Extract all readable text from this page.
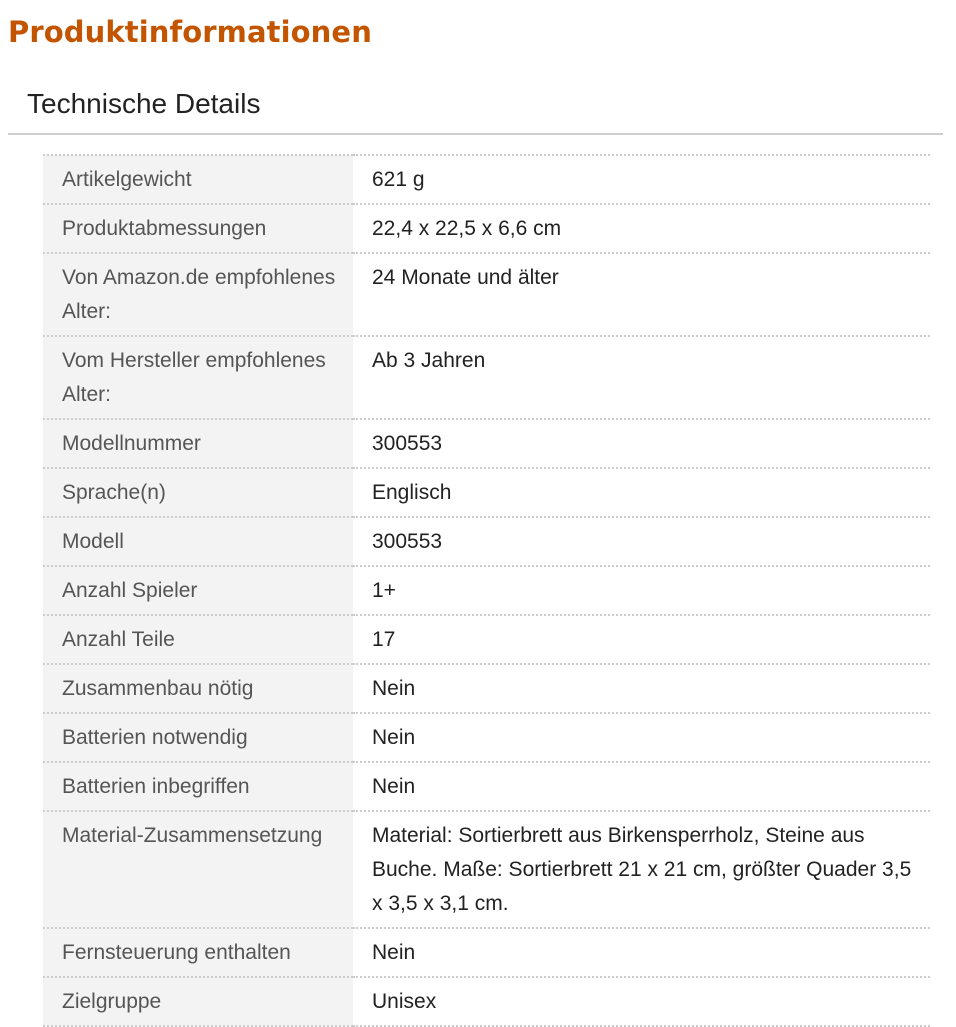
Produktinformationen
Technische Details
Artikelgewicht	621 g
Produktabmessungen	22,4 x 22,5 x 6,6 cm
Von Amazon.de empfohlenes Alter:	24 Monate und älter
Vom Hersteller empfohlenes Alter:	Ab 3 Jahren
Modellnummer	300553
Sprache(n)	Englisch
Modell	300553
Anzahl Spieler	1+
Anzahl Teile	17
Zusammenbau nötig	Nein
Batterien notwendig	Nein
Batterien inbegriffen	Nein
Material-Zusammensetzung	Material: Sortierbrett aus Birkensperrholz, Steine aus Buche. Maße: Sortierbrett 21 x 21 cm, größter Quader 3,5 x 3,5 x 3,1 cm.
Fernsteuerung enthalten	Nein
Zielgruppe	Unisex
